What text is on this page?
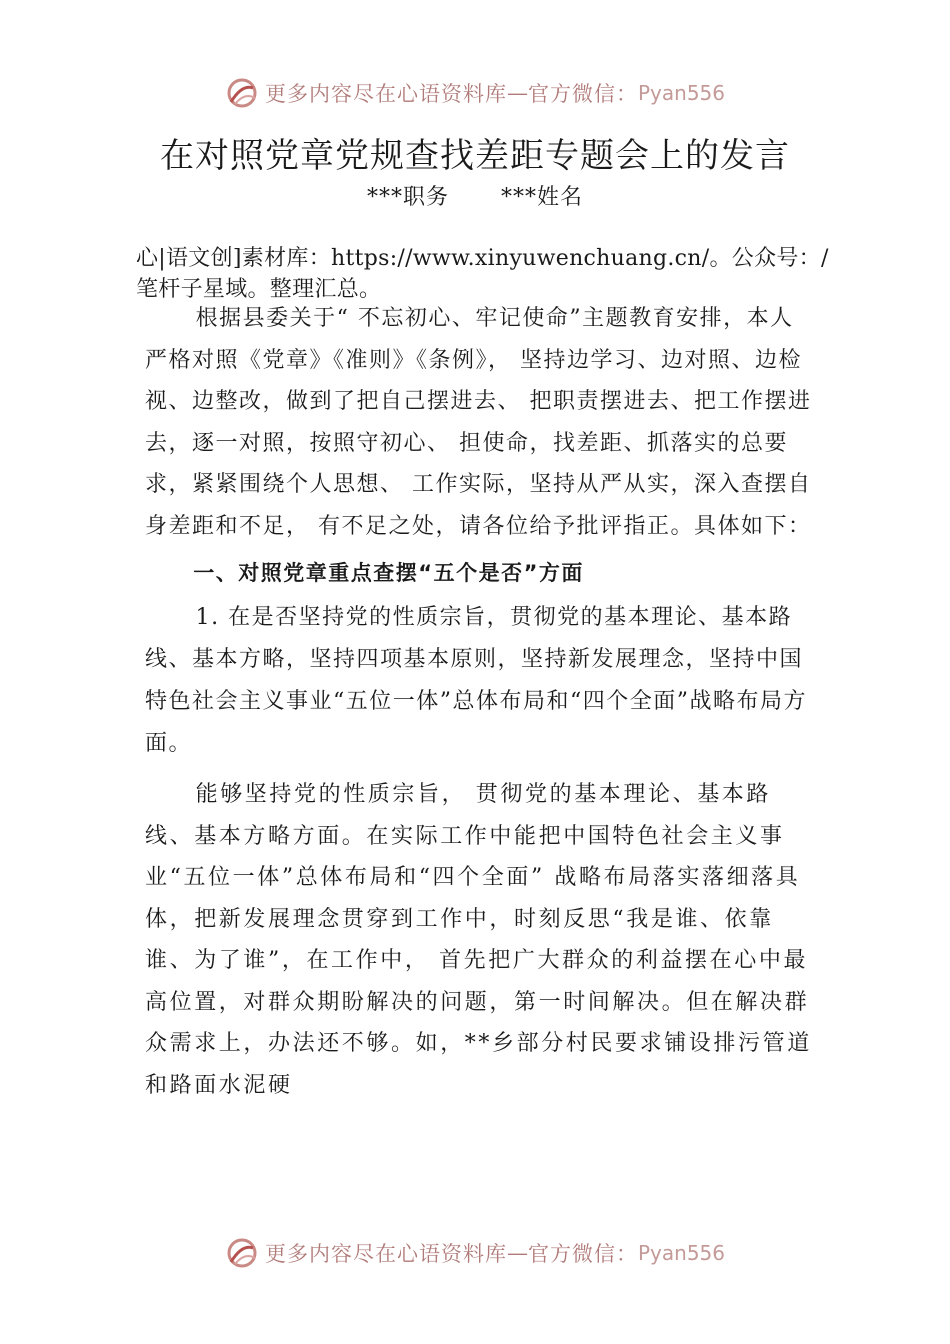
更多内容尽在心语资料库 — 官方微信： Pyan556
在对照党章党规查找差距专题会上的发言
***职务 ***姓名
心|语文创]素材库：https://www.xinyuwenchuang.cn/。公众号：/笔杆子星域。整理汇总。

根据县委关于“ 不忘初心、牢记使命”主题教育安排，本人严格对照《党章》《准则》《条例》， 坚持边学习、边对照、边检视、边整改，做到了把自己摆进去、 把职责摆进去、把工作摆进去，逐一对照，按照守初心、 担使命，找差距、抓落实的总要求，紧紧围绕个人思想、 工作实际，坚持从严从实，深入查摆自身差距和不足， 有不足之处，请各位给予批评指正。具体如下：

一、对照党章重点查摆“五个是否”方面

1. 在是否坚持党的性质宗旨，贯彻党的基本理论、基本路线、基本方略，坚持四项基本原则，坚持新发展理念，坚持中国特色社会主义事业“五位一体”总体布局和“四个全面”战略布局方面。

能够坚持党的性质宗旨， 贯彻党的基本理论、基本路线、基本方略方面。在实际工作中能把中国特色社会主义事业“五位一体”总体布局和“四个全面” 战略布局落实落细落具体，把新发展理念贯穿到工作中，时刻反思“我是谁、依靠谁、为了谁”，在工作中， 首先把广大群众的利益摆在心中最高位置，对群众期盼解决的问题，第一时间解决。但在解决群众需求上，办法还不够。如，**乡部分村民要求铺设排污管道和路面水泥硬

更多内容尽在心语资料库 — 官方微信： Pyan556
